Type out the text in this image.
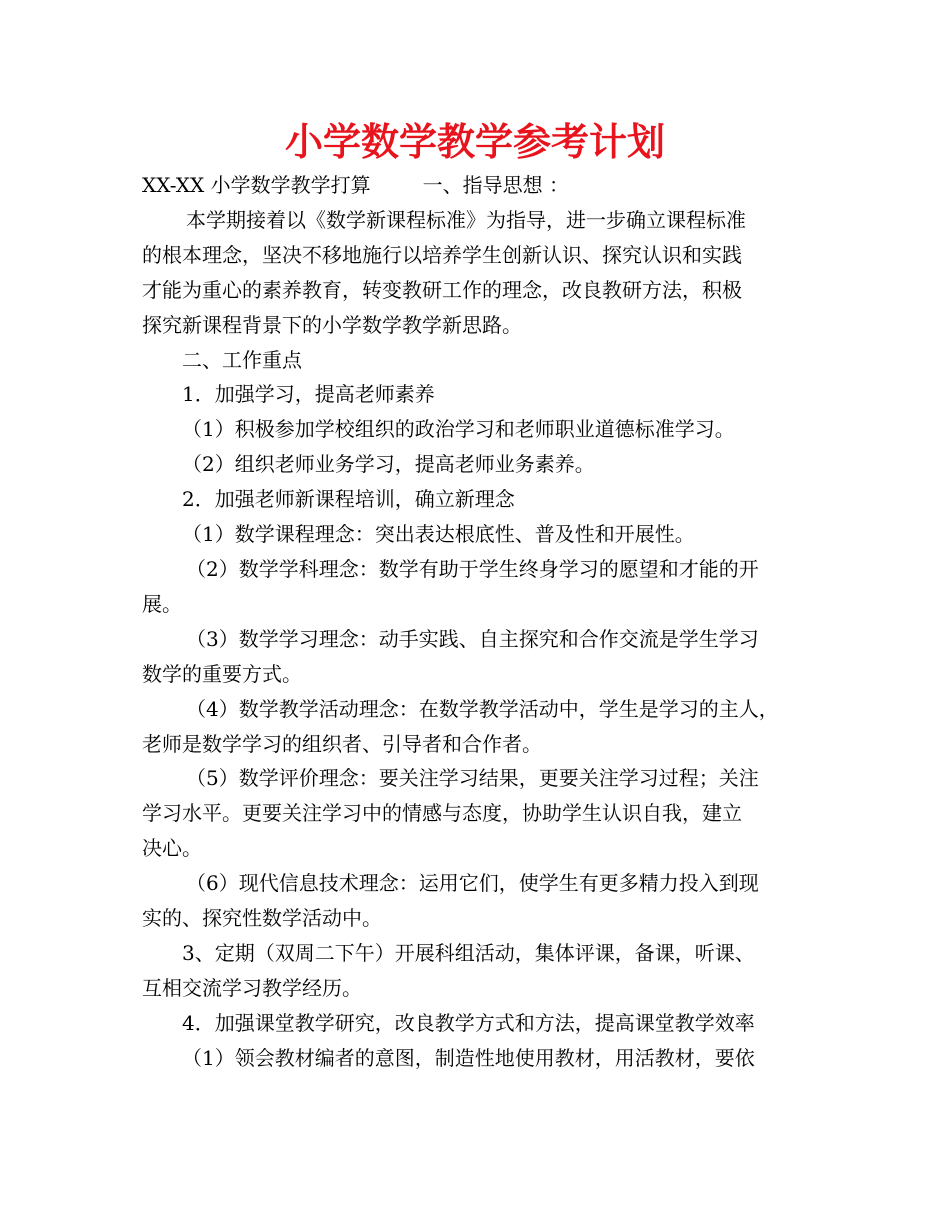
小学数学教学参考计划

XX-XX 小学数学教学打算	一、指导思想 ：

本学期接着以《数学新课程标准》为指导，进一步确立课程标准

的根本理念，坚决不移地施行以培养学生创新认识、探究认识和实践

才能为重心的素养教育，转变教研工作的理念，改良教研方法，积极

探究新课程背景下的小学数学教学新思路。

二、工作重点

1．加强学习，提高老师素养

（1）积极参加学校组织的政治学习和老师职业道德标准学习。

（2）组织老师业务学习，提高老师业务素养。

2．加强老师新课程培训，确立新理念

（1）数学课程理念：突出表达根底性、普及性和开展性。

（2）数学学科理念：数学有助于学生终身学习的愿望和才能的开

展。

（3）数学学习理念：动手实践、自主探究和合作交流是学生学习

数学的重要方式。

（4）数学教学活动理念：在数学教学活动中，学生是学习的主人，

老师是数学学习的组织者、引导者和合作者。

（5）数学评价理念：要关注学习结果，更要关注学习过程；关注

学习水平。更要关注学习中的情感与态度，协助学生认识自我，建立

决心。

（6）现代信息技术理念：运用它们，使学生有更多精力投入到现

实的、探究性数学活动中。

3、定期（双周二下午）开展科组活动，集体评课，备课，听课、

互相交流学习教学经历。

4．加强课堂教学研究，改良教学方式和方法，提高课堂教学效率

（1）领会教材编者的意图，制造性地使用教材，用活教材，要依
